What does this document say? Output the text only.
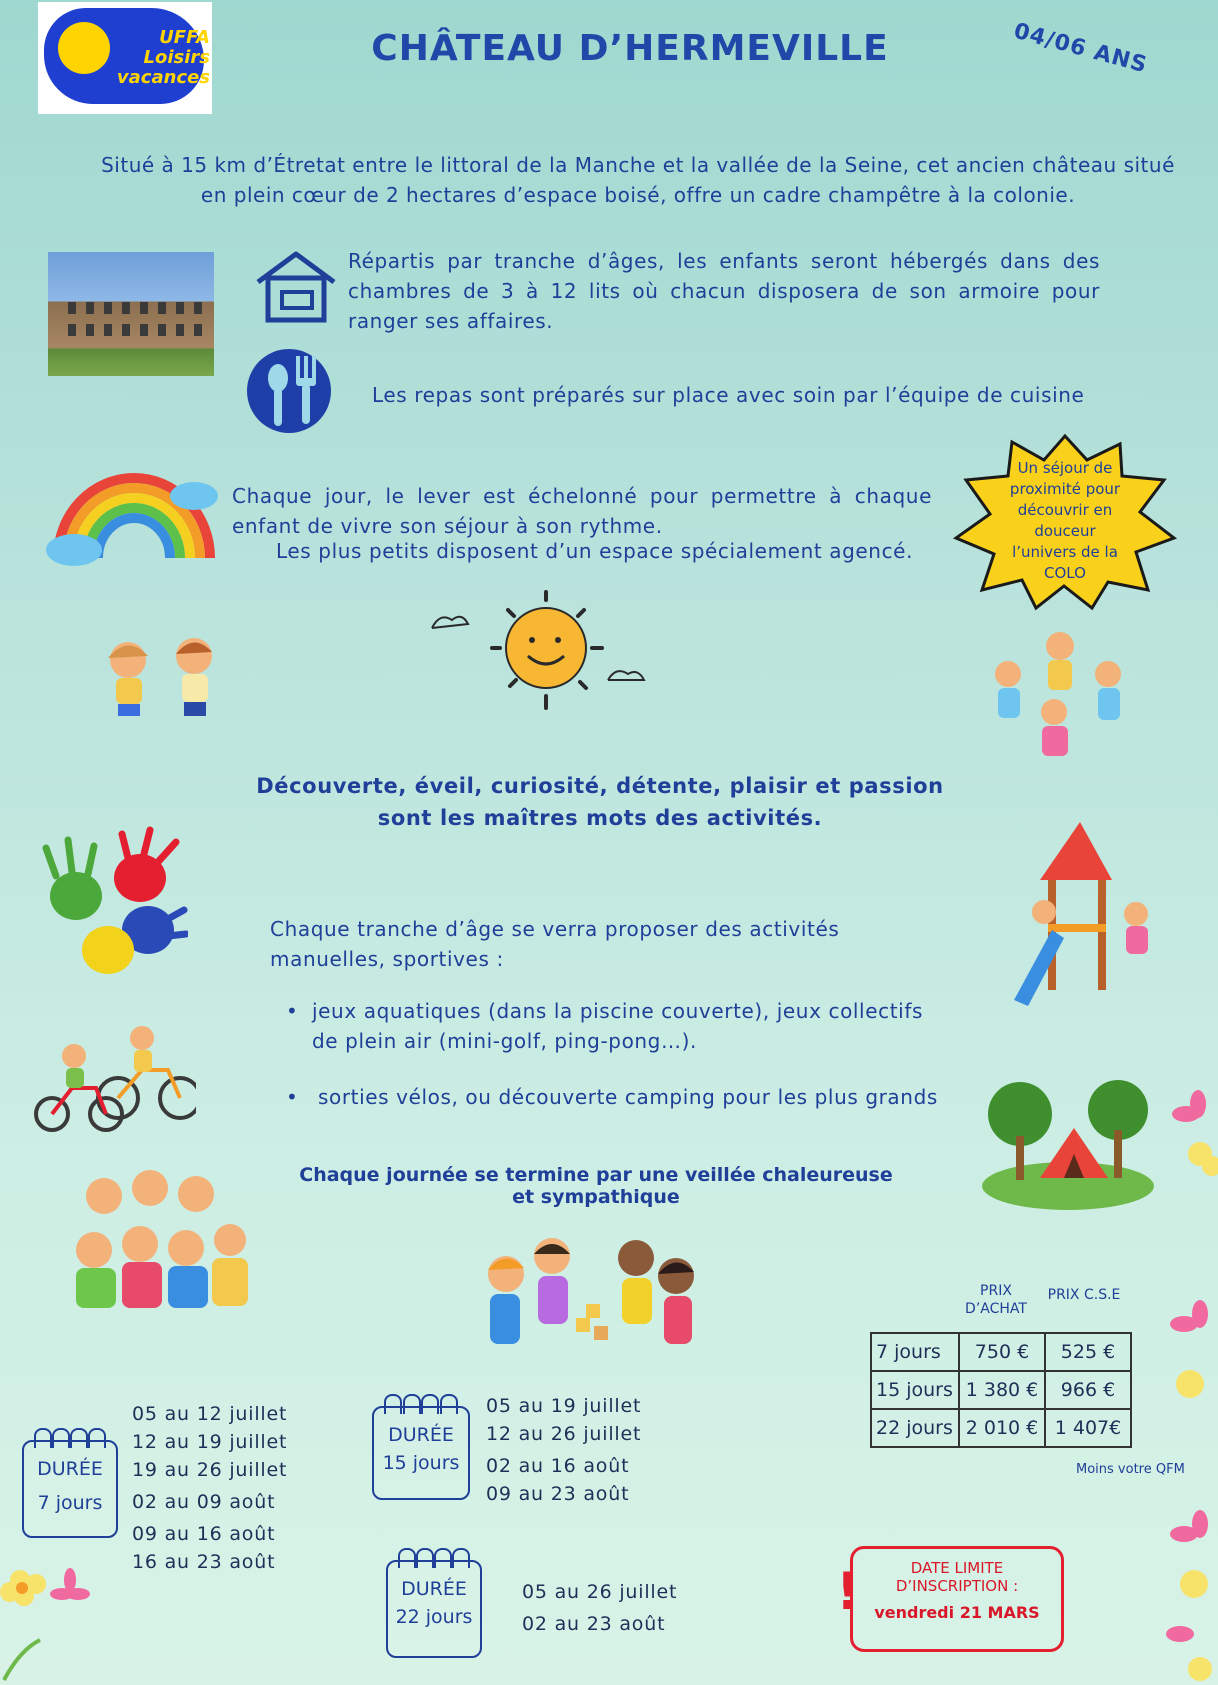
UFFA
Loisirs
vacances
CHÂTEAU D’HERMEVILLE	04/06 ANS
Situé à 15 km d’Étretat entre le littoral de la Manche et la vallée de la Seine, cet ancien château situé en plein cœur de 2 hectares d’espace boisé, offre un cadre champêtre à la colonie.
Répartis par tranche d’âges, les enfants seront hébergés dans des chambres de 3 à 12 lits où chacun disposera de son armoire pour ranger ses affaires.
Les repas sont préparés sur place avec soin par l’équipe de cuisine
Chaque jour, le lever est échelonné pour permettre à chaque enfant de vivre son séjour à son rythme.
Les plus petits disposent d’un espace spécialement agencé.
Un séjour de proximité pour découvrir en douceur l’univers de la COLO
Découverte, éveil, curiosité, détente, plaisir et passion sont les maîtres mots des activités.
Chaque tranche d’âge se verra proposer des activités manuelles, sportives :
• jeux aquatiques (dans la piscine couverte), jeux collectifs de plein air (mini-golf, ping-pong…).
• sorties vélos, ou découverte camping pour les plus grands
Chaque journée se termine par une veillée chaleureuse et sympathique
PRIX D’ACHAT
PRIX C.S.E
7 jours	750 €	525 €
15 jours	1 380 €	966 €
22 jours	2 010 €	1 407€
Moins votre QFM
DURÉE
7 jours
05 au 12 juillet
12 au 19 juillet
19 au 26 juillet
02 au 09 août
09 au 16 août
16 au 23 août
DURÉE
15 jours
05 au 19 juillet
12 au 26 juillet
02 au 16 août
09 au 23 août
DURÉE
22 jours
05 au 26 juillet
02 au 23 août
!	DATE LIMITE
D’INSCRIPTION :
vendredi 21 MARS
